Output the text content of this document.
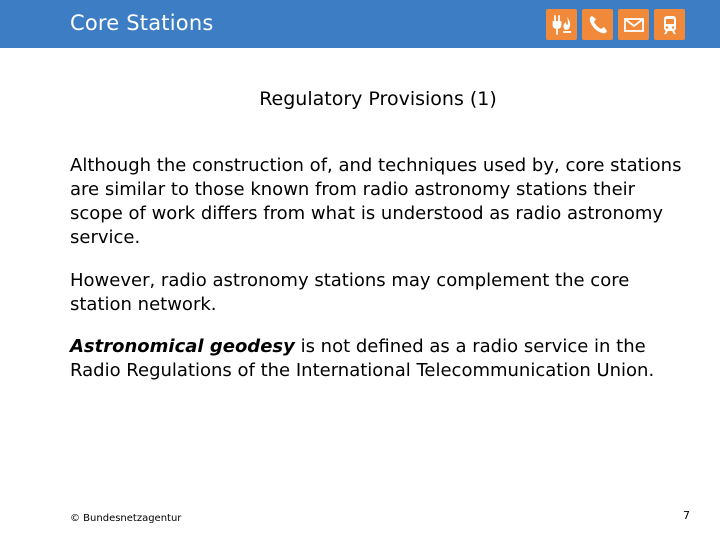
Core Stations
Regulatory Provisions (1)

Although the construction of, and techniques used by, core stations are similar to those known from radio astronomy stations their scope of work differs from what is understood as radio astronomy service.

However, radio astronomy stations may complement the core station network.

Astronomical geodesy is not defined as a radio service in the Radio Regulations of the International Telecommunication Union.

© Bundesnetzagentur	7
